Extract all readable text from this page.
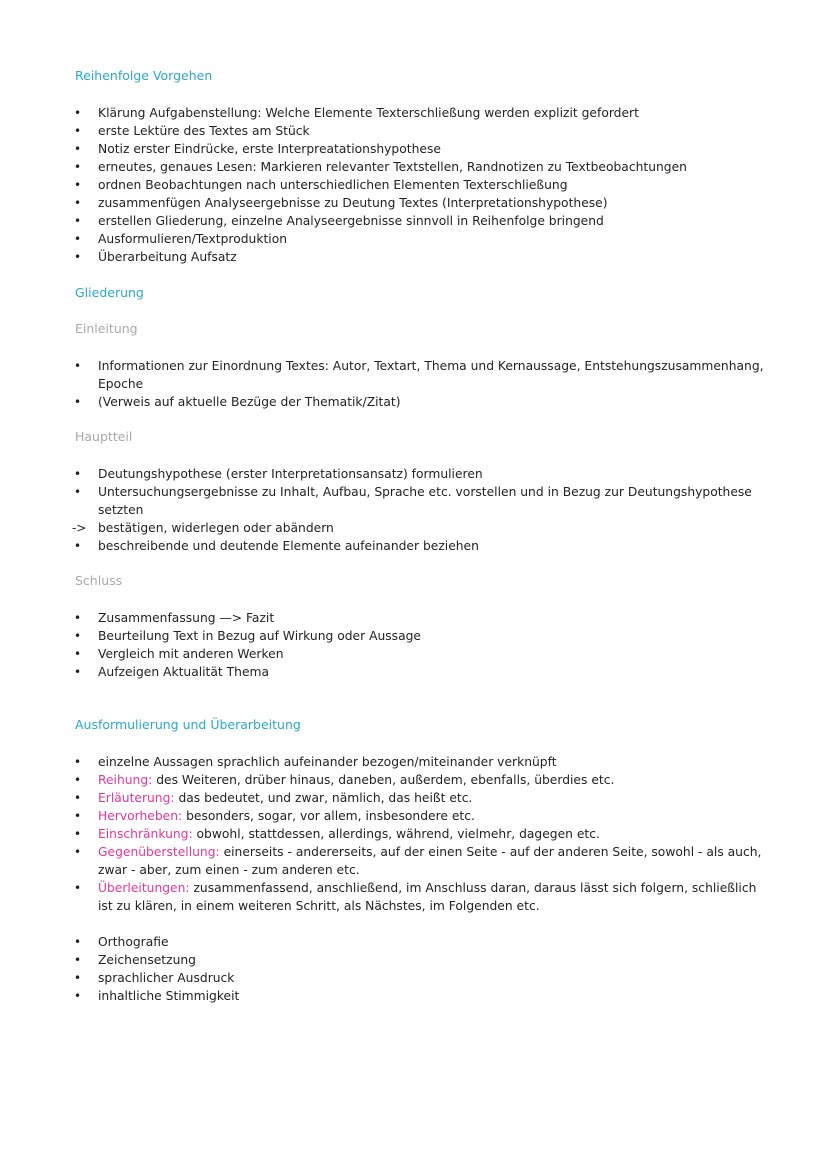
Reihenfolge Vorgehen
•	Klärung Aufgabenstellung: Welche Elemente Texterschließung werden explizit gefordert
•	erste Lektüre des Textes am Stück
•	Notiz erster Eindrücke, erste Interpreatationshypothese
•	erneutes, genaues Lesen: Markieren relevanter Textstellen, Randnotizen zu Textbeobachtungen
•	ordnen Beobachtungen nach unterschiedlichen Elementen Texterschließung
•	zusammenfügen Analyseergebnisse zu Deutung Textes (Interpretationshypothese)
•	erstellen Gliederung, einzelne Analyseergebnisse sinnvoll in Reihenfolge bringend
•	Ausformulieren/Textproduktion
•	Überarbeitung Aufsatz
Gliederung
Einleitung
•	Informationen zur Einordnung Textes: Autor, Textart, Thema und Kernaussage, Entstehungszusammenhang, Epoche
•	(Verweis auf aktuelle Bezüge der Thematik/Zitat)
Hauptteil
•	Deutungshypothese (erster Interpretationsansatz) formulieren
•	Untersuchungsergebnisse zu Inhalt, Aufbau, Sprache etc. vorstellen und in Bezug zur Deutungshypothese setzten
-> bestätigen, widerlegen oder abändern
•	beschreibende und deutende Elemente aufeinander beziehen
Schluss
•	Zusammenfassung —> Fazit
•	Beurteilung Text in Bezug auf Wirkung oder Aussage
•	Vergleich mit anderen Werken
•	Aufzeigen Aktualität Thema
Ausformulierung und Überarbeitung
•	einzelne Aussagen sprachlich aufeinander bezogen/miteinander verknüpft
•	Reihung: des Weiteren, drüber hinaus, daneben, außerdem, ebenfalls, überdies etc.
•	Erläuterung: das bedeutet, und zwar, nämlich, das heißt etc.
•	Hervorheben: besonders, sogar, vor allem, insbesondere etc.
•	Einschränkung: obwohl, stattdessen, allerdings, während, vielmehr, dagegen etc.
•	Gegenüberstellung: einerseits - andererseits, auf der einen Seite - auf der anderen Seite, sowohl - als auch, zwar - aber, zum einen - zum anderen etc.
•	Überleitungen: zusammenfassend, anschließend, im Anschluss daran, daraus lässt sich folgern, schließlich ist zu klären, in einem weiteren Schritt, als Nächstes, im Folgenden etc.
•	Orthografie
•	Zeichensetzung
•	sprachlicher Ausdruck
•	inhaltliche Stimmigkeit
